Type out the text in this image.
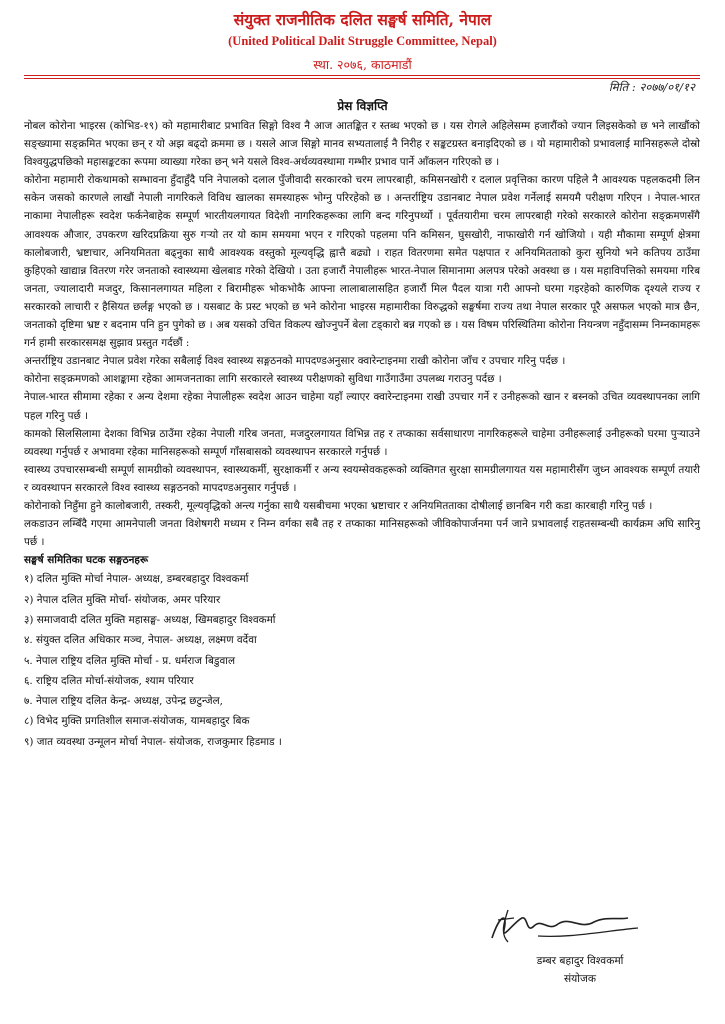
संयुक्त राजनीतिक दलित सङ्घर्ष समिति, नेपाल
(United Political Dalit Struggle Committee, Nepal)
स्था. २०७६, काठमाडौं
मिति : २०७७/०१/१२
प्रेस विज्ञप्ति

नोबल कोरोना भाइरस (कोभिड-१९) को महामारीबाट प्रभावित सिङ्गो विश्व नै आज आतङ्कित र स्तब्ध भएको छ । यस रोगले अहिलेसम्म हजारौंको ज्यान लिइसकेको छ भने लाखौंको सङ्ख्यामा सङ्क्रमित भएका छन् र यो अझ बढ्दो क्रममा छ । यसले आज सिङ्गो मानव सभ्यतालाई नै निरीह र सङ्कटग्रस्त बनाइदिएको छ । यो महामारीको प्रभावलाई मानिसहरूले दोस्रो विश्वयुद्धपछिको महासङ्कटका रूपमा व्याख्या गरेका छन् भने यसले विश्व-अर्थव्यवस्थामा गम्भीर प्रभाव पार्ने आँकलन गरिएको छ ।

कोरोना महामारी रोकथामको सम्भावना हुँदाहुँदै पनि नेपालको दलाल पुँजीवादी सरकारको चरम लापरबाही, कमिसनखोरी र दलाल प्रवृत्तिका कारण पहिले नै आवश्यक पहलकदमी लिन सकेन जसको कारणले लाखौं नेपाली नागरिकले विविध खालका समस्याहरू भोग्नु परिरहेको छ । अन्तर्राष्ट्रिय उडानबाट नेपाल प्रवेश गर्नेलाई समयमै परीक्षण गरिएन । नेपाल-भारत नाकामा नेपालीहरू स्वदेश फर्कनेबाहेक सम्पूर्ण भारतीयलगायत विदेशी नागरिकहरूका लागि बन्द गरिनुपर्थ्यो । पूर्वतयारीमा चरम लापरबाही गरेको सरकारले कोरोना सङ्क्रमणसँगै आवश्यक औजार, उपकरण खरिदप्रक्रिया सुरु गर्‍यो तर यो काम समयमा भएन र गरिएको पहलमा पनि कमिसन, घुसखोरी, नाफाखोरी गर्न खोजियो । यही मौकामा सम्पूर्ण क्षेत्रमा कालोबजारी, भ्रष्टाचार, अनियमितता बढ्नुका साथै आवश्यक वस्तुको मूल्यवृद्धि ह्वात्तै बढ्यो । राहत वितरणमा समेत पक्षपात र अनियमितताको कुरा सुनियो भने कतिपय ठाउँमा कुहिएको खाद्यान्न वितरण गरेर जनताको स्वास्थ्यमा खेलबाड गरेको देखियो । उता हजारौं नेपालीहरू भारत-नेपाल सिमानामा अलपत्र परेको अवस्था छ । यस महाविपत्तिको समयमा गरिब जनता, ज्यालादारी मजदुर, किसानलगायत महिला र बिरामीहरू भोकभोकै आफ्ना लालाबालासहित हजारौं मिल पैदल यात्रा गरी आफ्नो घरमा गइरहेको कारुणिक दृश्यले राज्य र सरकारको लाचारी र हैसियत छर्लङ्ग भएको छ । यसबाट के प्रस्ट भएको छ भने कोरोना भाइरस महामारीका विरुद्धको सङ्घर्षमा राज्य तथा नेपाल सरकार पूरै असफल भएको मात्र छैन, जनताको दृष्टिमा भ्रष्ट र बदनाम पनि हुन पुगेको छ । अब यसको उचित विकल्प खोज्नुपर्ने बेला टड्कारो बन्न गएको छ । यस विषम परिस्थितिमा कोरोना नियन्त्रण नहुँदासम्म निम्नकामहरू गर्न हामी सरकारसमक्ष सुझाव प्रस्तुत गर्दछौं :

अन्तर्राष्ट्रिय उडानबाट नेपाल प्रवेश गरेका सबैलाई विश्व स्वास्थ्य सङ्गठनको मापदण्डअनुसार क्वारेन्टाइनमा राखी कोरोना जाँच र उपचार गरिनु पर्दछ ।

कोरोना सङ्क्रमणको आशङ्कामा रहेका आमजनताका लागि सरकारले स्वास्थ्य परीक्षणको सुविधा गाउँगाउँमा उपलब्ध गराउनु पर्दछ ।

नेपाल-भारत सीमामा रहेका र अन्य देशमा रहेका नेपालीहरू स्वदेश आउन चाहेमा यहाँ ल्याएर क्वारेन्टाइनमा राखी उपचार गर्ने र उनीहरूको खान र बस्नको उचित व्यवस्थापनका लागि पहल गरिनु पर्छ ।

कामको सिलसिलामा देशका विभिन्न ठाउँमा रहेका नेपाली गरिब जनता, मजदुरलगायत विभिन्न तह र तप्काका सर्वसाधारण नागरिकहरूले चाहेमा उनीहरूलाई उनीहरूको घरमा पुऱ्याउने व्यवस्था गर्नुपर्छ र अभावमा रहेका मानिसहरूको सम्पूर्ण गाँसबासको व्यवस्थापन सरकारले गर्नुपर्छ ।

स्वास्थ्य उपचारसम्बन्धी सम्पूर्ण सामग्रीको व्यवस्थापन, स्वास्थ्यकर्मी, सुरक्षाकर्मी र अन्य स्वयम्सेवकहरूको व्यक्तिगत सुरक्षा सामग्रीलगायत यस महामारीसँग जुध्न आवश्यक सम्पूर्ण तयारी र व्यवस्थापन सरकारले विश्व स्वास्थ्य सङ्गठनको मापदण्डअनुसार गर्नुपर्छ ।

कोरोनाको निहुँमा हुने कालोबजारी, तस्करी, मूल्यवृद्धिको अन्त्य गर्नुका साथै यसबीचमा भएका भ्रष्टाचार र अनियमितताका दोषीलाई छानबिन गरी कडा कारबाही गरिनु पर्छ ।

लकडाउन लम्बिँदै गएमा आमनेपाली जनता विशेषगरी मध्यम र निम्न वर्गका सबै तह र तप्काका मानिसहरूको जीविकोपार्जनमा पर्न जाने प्रभावलाई राहतसम्बन्धी कार्यक्रम अघि सारिनु पर्छ ।

सङ्घर्ष समितिका घटक सङ्गठनहरू

१) दलित मुक्ति मोर्चा नेपाल- अध्यक्ष, डम्बरबहादुर विश्वकर्मा

२) नेपाल दलित मुक्ति मोर्चा- संयोजक, अमर परियार

३) समाजवादी दलित मुक्ति महासङ्घ- अध्यक्ष, खिमबहादुर विश्वकर्मा

४. संयुक्त दलित अधिकार मञ्च, नेपाल- अध्यक्ष, लक्ष्मण वर्देवा

५. नेपाल राष्ट्रिय दलित मुक्ति मोर्चा - प्र. धर्मराज बिडुवाल

६. राष्ट्रिय दलित मोर्चा-संयोजक, श्याम परियार

७. नेपाल राष्ट्रिय दलित केन्द्र- अध्यक्ष, उपेन्द्र छटुन्जेल,

८) विभेद मुक्ति प्रगतिशील समाज-संयोजक, यामबहादुर बिक

९) जात व्यवस्था उन्मूलन मोर्चा नेपाल- संयोजक, राजकुमार हिडमाड ।

डम्बर बहादुर विश्वकर्मा
संयोजक
